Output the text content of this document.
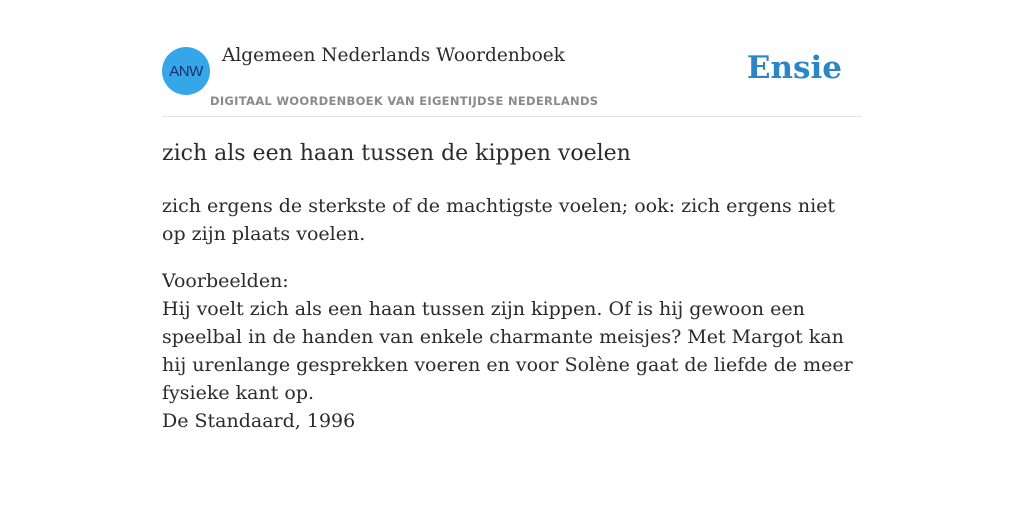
ANW
Algemeen Nederlands Woordenboek
DIGITAAL WOORDENBOEK VAN EIGENTIJDSE NEDERLANDS
Ensie
zich als een haan tussen de kippen voelen

zich ergens de sterkste of de machtigste voelen; ook: zich ergens niet op zijn plaats voelen.

Voorbeelden:
Hij voelt zich als een haan tussen zijn kippen. Of is hij gewoon een speelbal in de handen van enkele charmante meisjes? Met Margot kan hij urenlange gesprekken voeren en voor Solène gaat de liefde de meer fysieke kant op.
De Standaard, 1996
